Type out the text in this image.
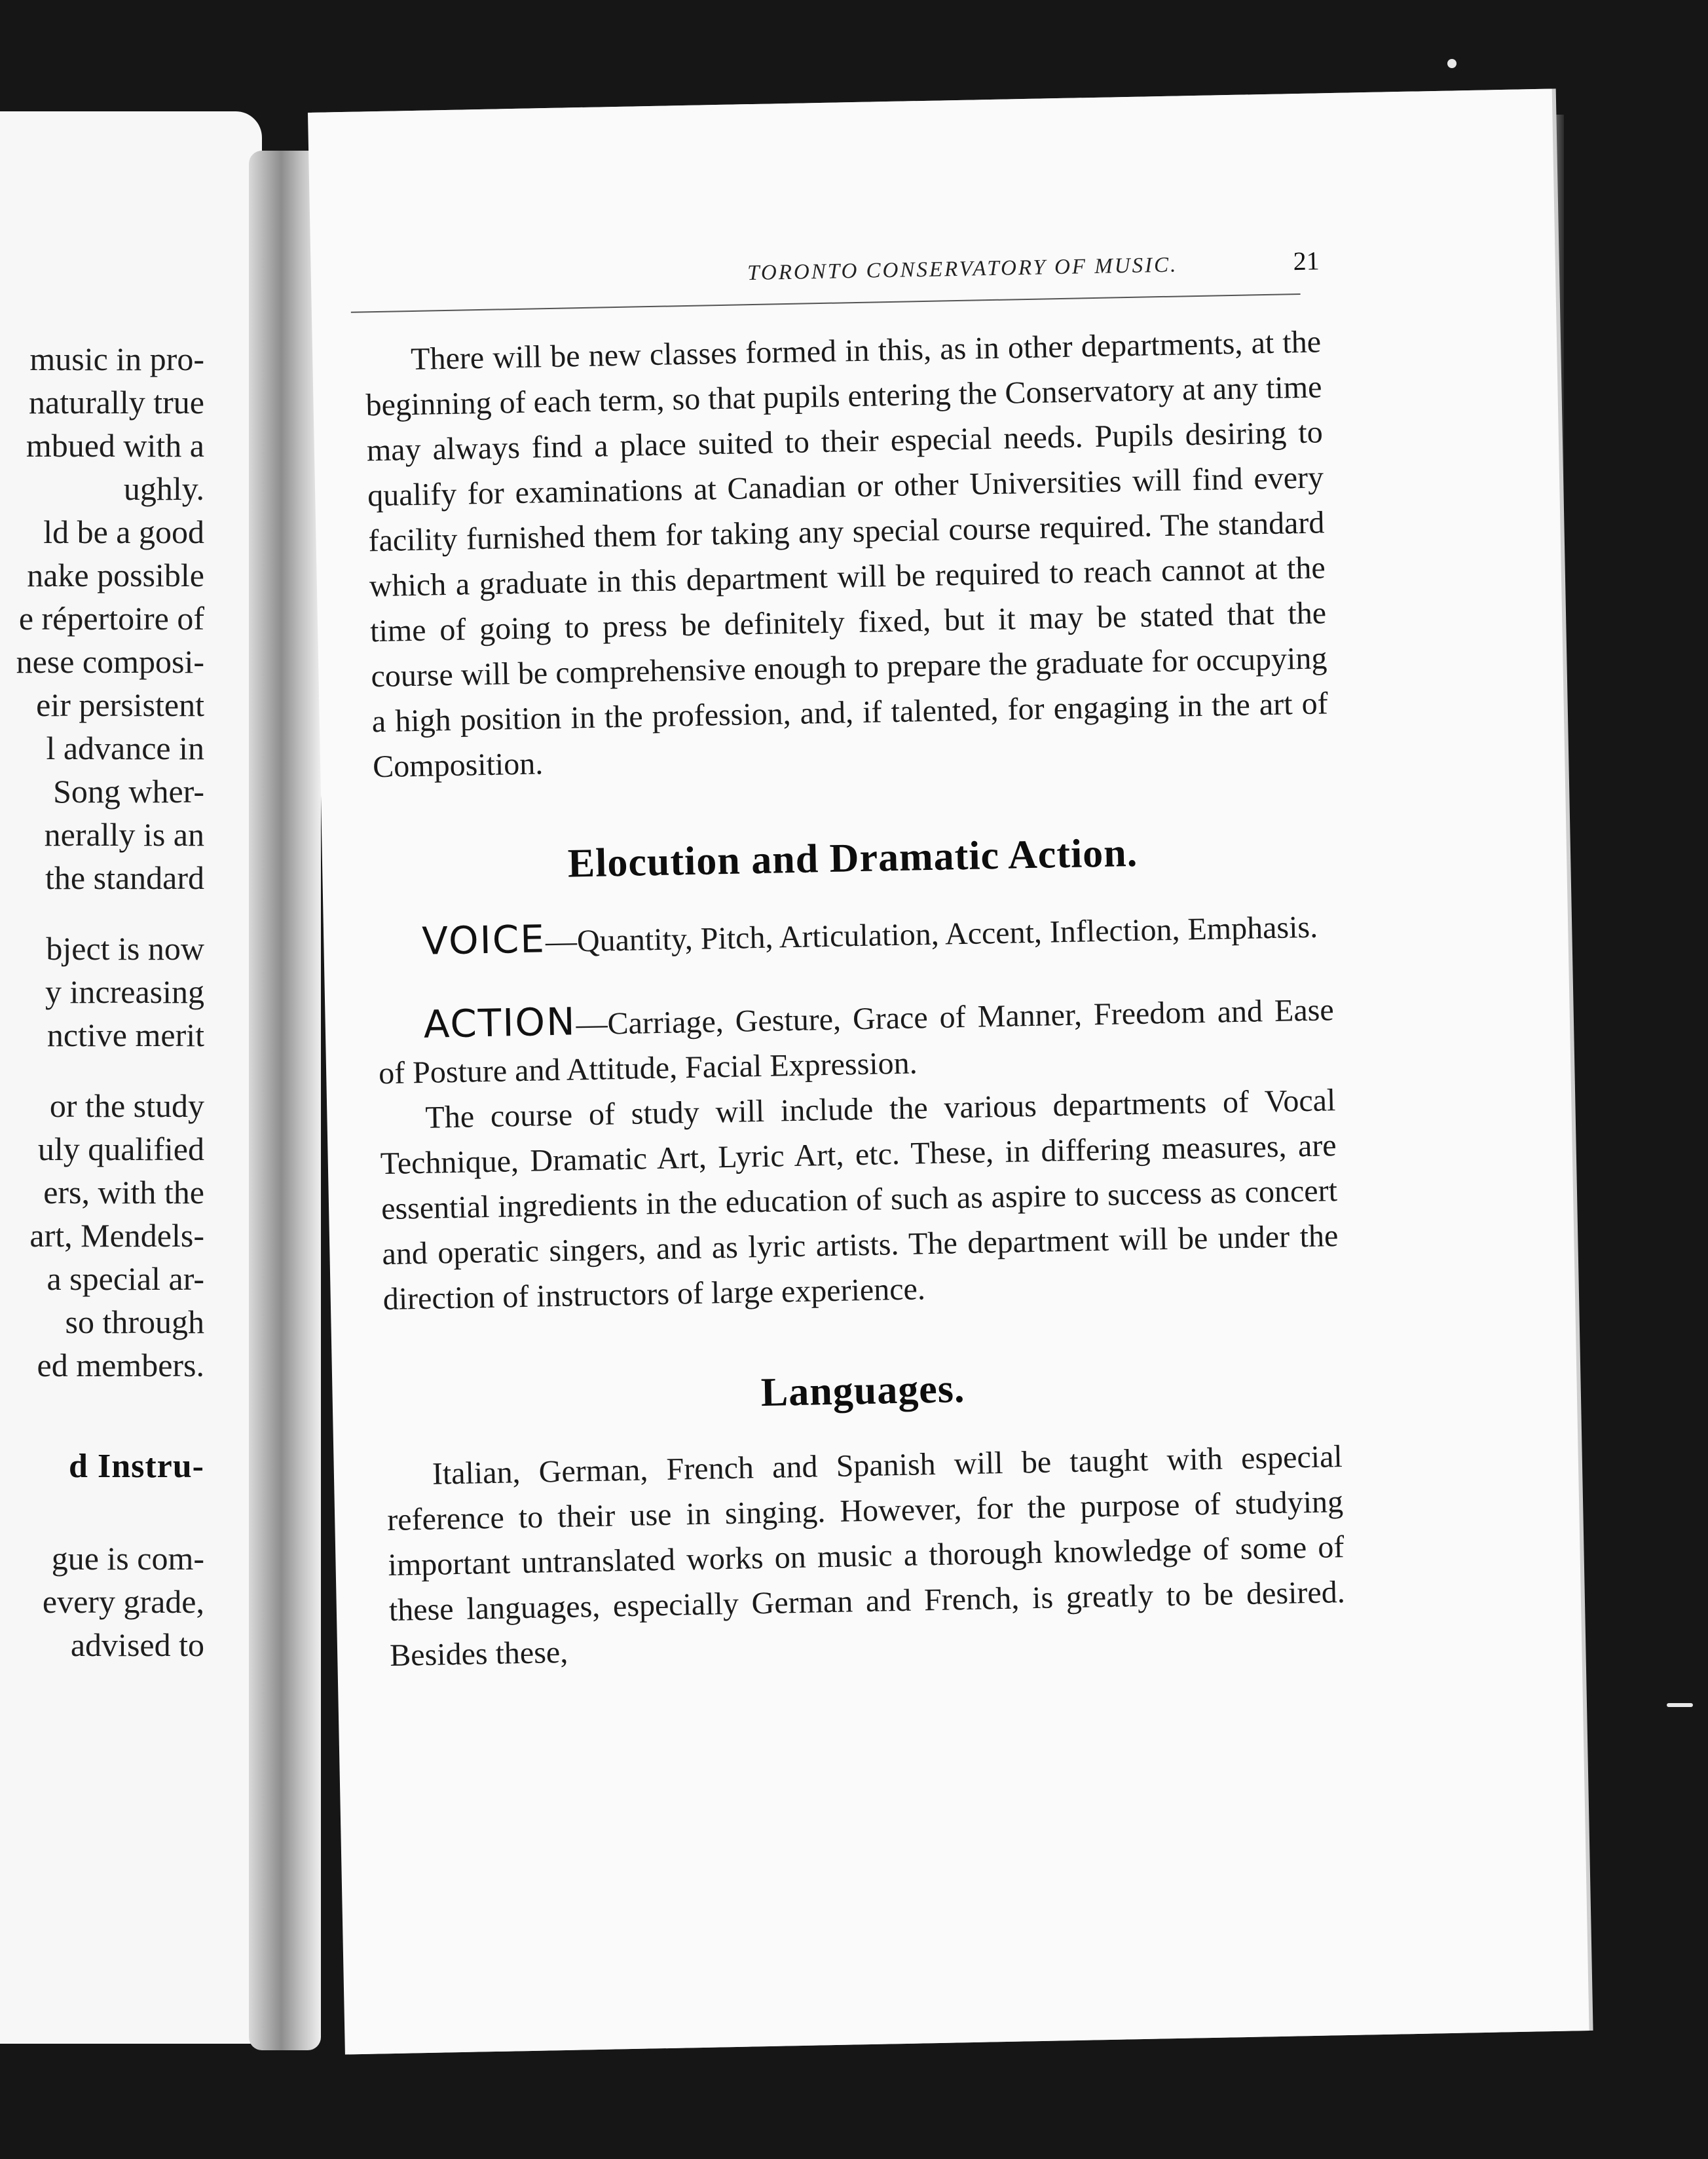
music in pro-
naturally true
mbued with a
ughly.
ld be a good
nake possible
e répertoire of
nese composi-
eir persistent
l advance in
Song wher-
nerally is an
the standard
bject is now
y increasing
nctive merit
or the study
uly qualified
ers, with the
art, Mendels-
a special ar-
so through
ed members.
d Instru-
gue is com-
every grade,
advised to
TORONTO CONSERVATORY OF MUSIC.	21

There will be new classes formed in this, as in other departments, at the beginning of each term, so that pupils entering the Conservatory at any time may always find a place suited to their especial needs. Pupils desiring to qualify for examinations at Canadian or other Universities will find every facility furnished them for taking any special course required. The standard which a graduate in this department will be required to reach cannot at the time of going to press be definitely fixed, but it may be stated that the course will be comprehensive enough to prepare the graduate for occupying a high position in the profession, and, if talented, for engaging in the art of Composition.

Elocution and Dramatic Action.

VOICE—Quantity, Pitch, Articulation, Accent, Inflection, Emphasis.

ACTION—Carriage, Gesture, Grace of Manner, Freedom and Ease of Posture and Attitude, Facial Expression.

The course of study will include the various departments of Vocal Technique, Dramatic Art, Lyric Art, etc. These, in differing measures, are essential ingredients in the education of such as aspire to success as concert and operatic singers, and as lyric artists. The department will be under the direction of instructors of large experience.

Languages.

Italian, German, French and Spanish will be taught with especial reference to their use in singing. However, for the purpose of studying important untranslated works on music a thorough knowledge of some of these languages, especially German and French, is greatly to be desired. Besides these,
